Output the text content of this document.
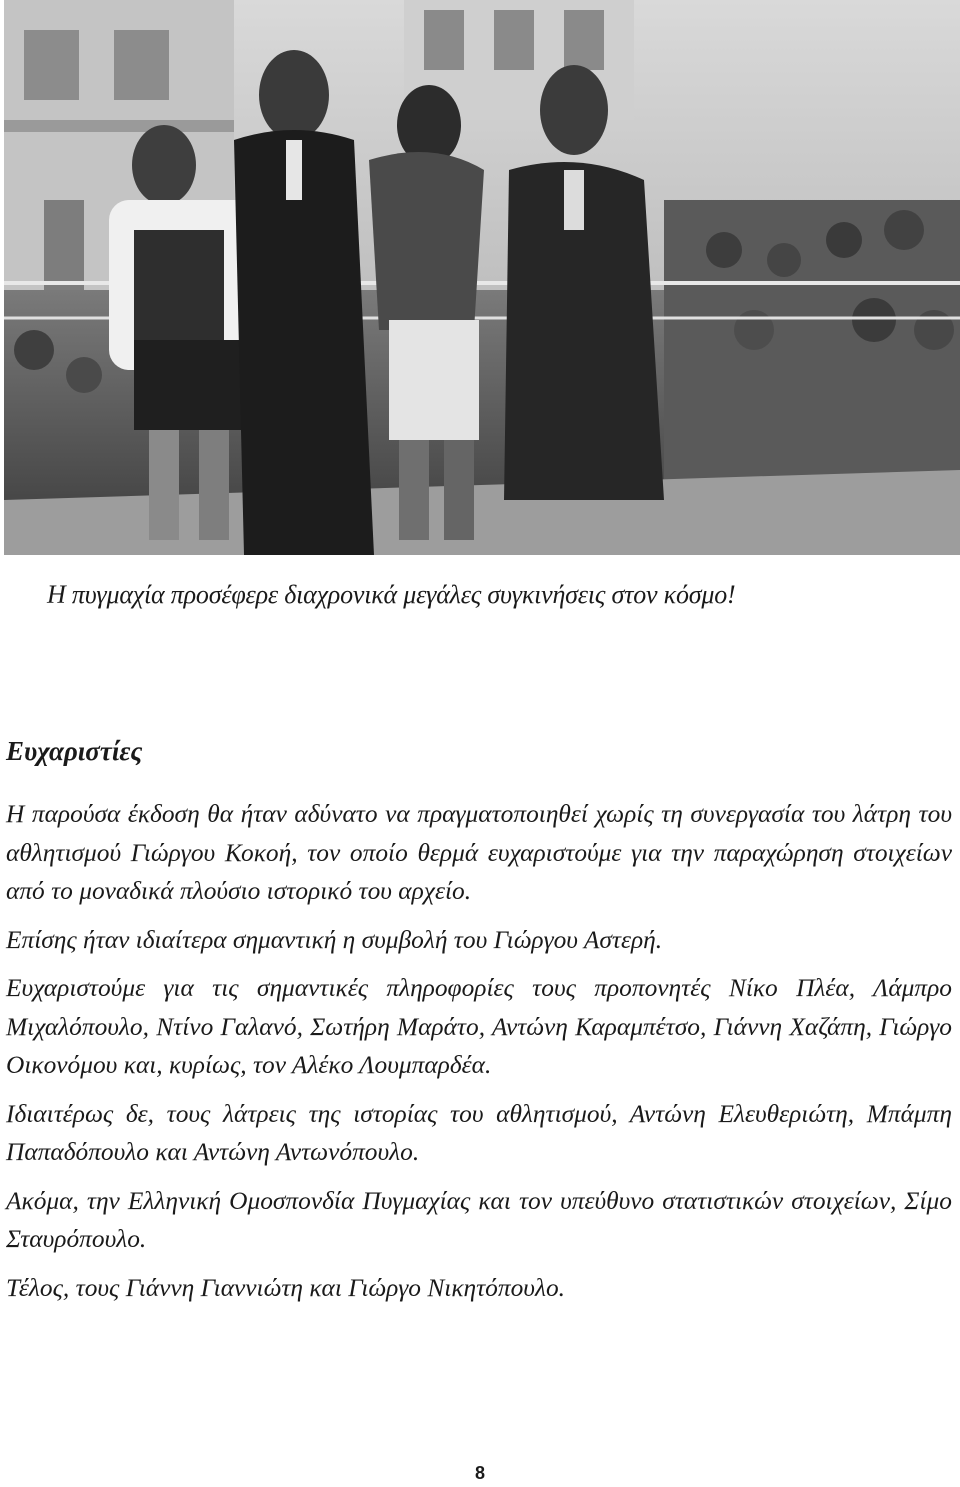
Η πυγμαχία προσέφερε διαχρονικά μεγάλες συγκινήσεις στον κόσμο!
Ευχαριστίες

Η παρούσα έκδοση θα ήταν αδύνατο να πραγματοποιηθεί χωρίς τη συνεργασία του λάτρη του αθλητισμού Γιώργου Κοκοή, τον οποίο θερμά ευχαριστούμε για την παραχώρηση στοιχείων από το μοναδικά πλούσιο ιστορικό του αρχείο.

Επίσης ήταν ιδιαίτερα σημαντική η συμβολή του Γιώργου Αστερή.

Ευχαριστούμε για τις σημαντικές πληροφορίες τους προπονητές Νίκο Πλέα, Λάμπρο Μιχαλόπουλο, Ντίνο Γαλανό, Σωτήρη Μαράτο, Αντώνη Καραμπέτσο, Γιάννη Χαζάπη, Γιώργο Οικονόμου και, κυρίως, τον Αλέκο Λουμπαρδέα.

Ιδιαιτέρως δε, τους λάτρεις της ιστορίας του αθλητισμού, Αντώνη Ελευθεριώτη, Μπάμπη Παπαδόπουλο και Αντώνη Αντωνόπουλο.

Ακόμα, την Ελληνική Ομοσπονδία Πυγμαχίας και τον υπεύθυνο στατιστικών στοιχείων, Σίμο Σταυρόπουλο.

Τέλος, τους Γιάννη Γιαννιώτη και Γιώργο Νικητόπουλο.

8
